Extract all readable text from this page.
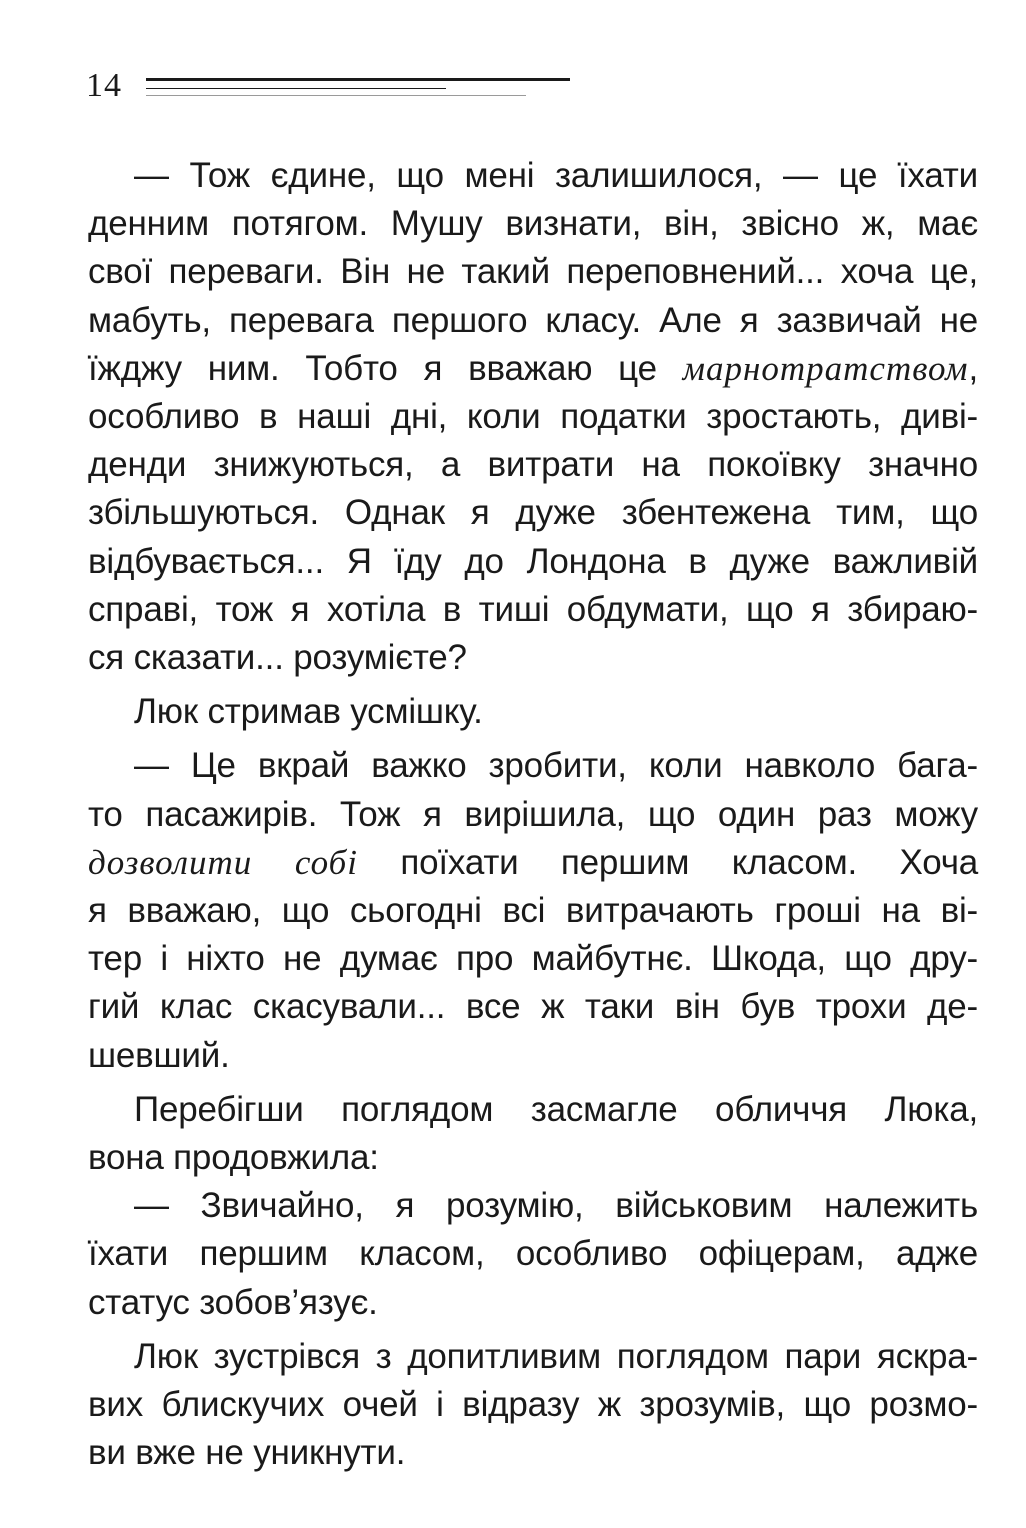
14
— Тож єдине, що мені залишилося, — це їхати
денним потягом. Мушу визнати, він, звісно ж, має
свої переваги. Він не такий переповнений... хоча це,
мабуть, перевага першого класу. Але я зазвичай не
їжджу ним. Тобто я вважаю це марнотратством,
особливо в наші дні, коли податки зростають, диві-
денди знижуються, а витрати на покоївку значно
збільшуються. Однак я дуже збентежена тим, що
відбувається... Я їду до Лондона в дуже важливій
справі, тож я хотіла в тиші обдумати, що я збираю-
ся сказати... розумієте?
Люк стримав усмішку.
— Це вкрай важко зробити, коли навколо бага-
то пасажирів. Тож я вирішила, що один раз можу
дозволити собі поїхати першим класом. Хоча
я вважаю, що сьогодні всі витрачають гроші на ві-
тер і ніхто не думає про майбутнє. Шкода, що дру-
гий клас скасували... все ж таки він був трохи де-
шевший.
Перебігши поглядом засмагле обличчя Люка,
вона продовжила:
— Звичайно, я розумію, військовим належить
їхати першим класом, особливо офіцерам, адже
статус зобов’язує.
Люк зустрівся з допитливим поглядом пари яскра-
вих блискучих очей і відразу ж зрозумів, що розмо-
ви вже не уникнути.
